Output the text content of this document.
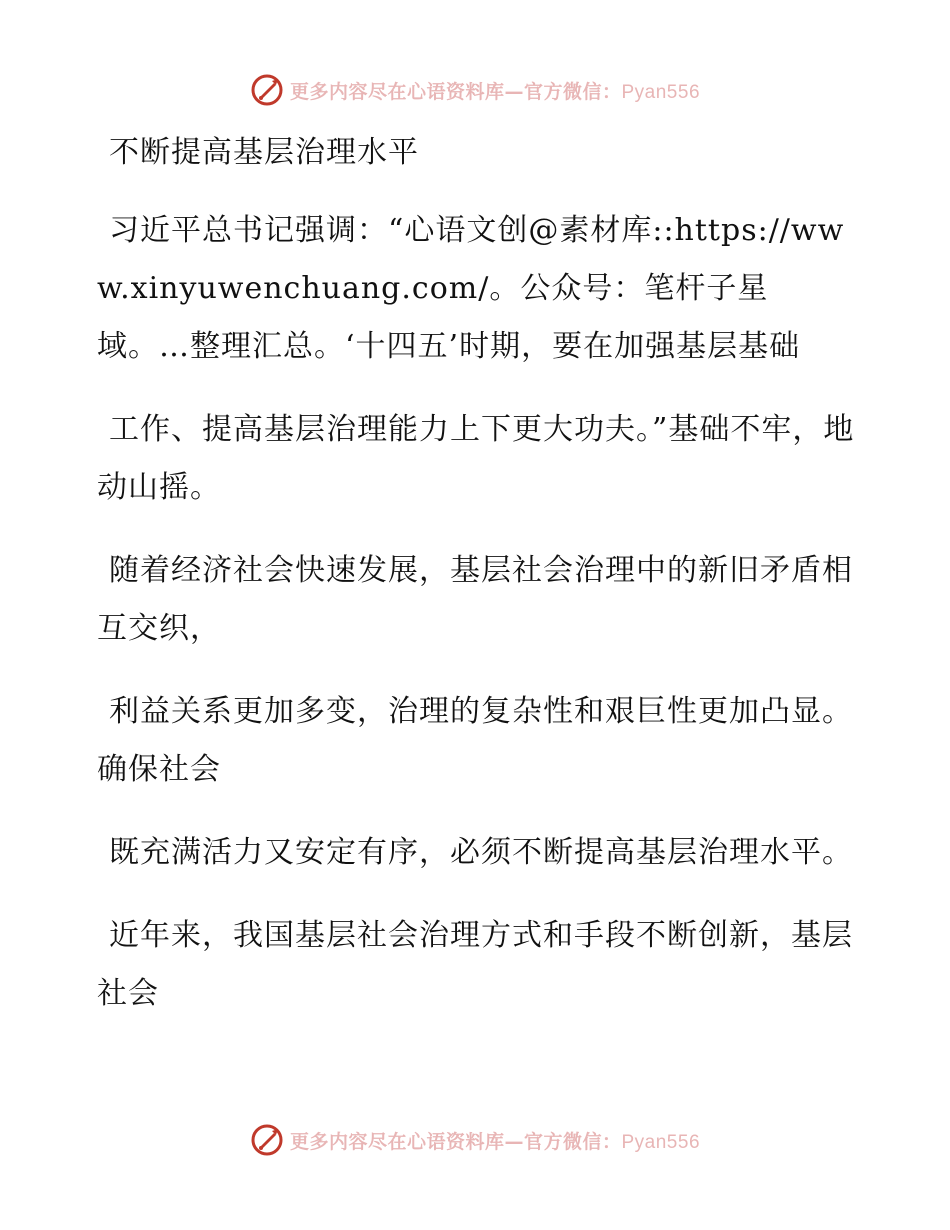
更多内容尽在心语资料库—官方微信：Pyan556

不断提高基层治理水平

习近平总书记强调：“心语文创@素材库::https://www.xinyuwenchuang.com/。公众号：笔杆子星域。…整理汇总。‘十四五’时期，要在加强基层基础

工作、提高基层治理能力上下更大功夫。”基础不牢，地动山摇。

随着经济社会快速发展，基层社会治理中的新旧矛盾相互交织，

利益关系更加多变，治理的复杂性和艰巨性更加凸显。确保社会

既充满活力又安定有序，必须不断提高基层治理水平。

近年来，我国基层社会治理方式和手段不断创新，基层社会

更多内容尽在心语资料库—官方微信：Pyan556
